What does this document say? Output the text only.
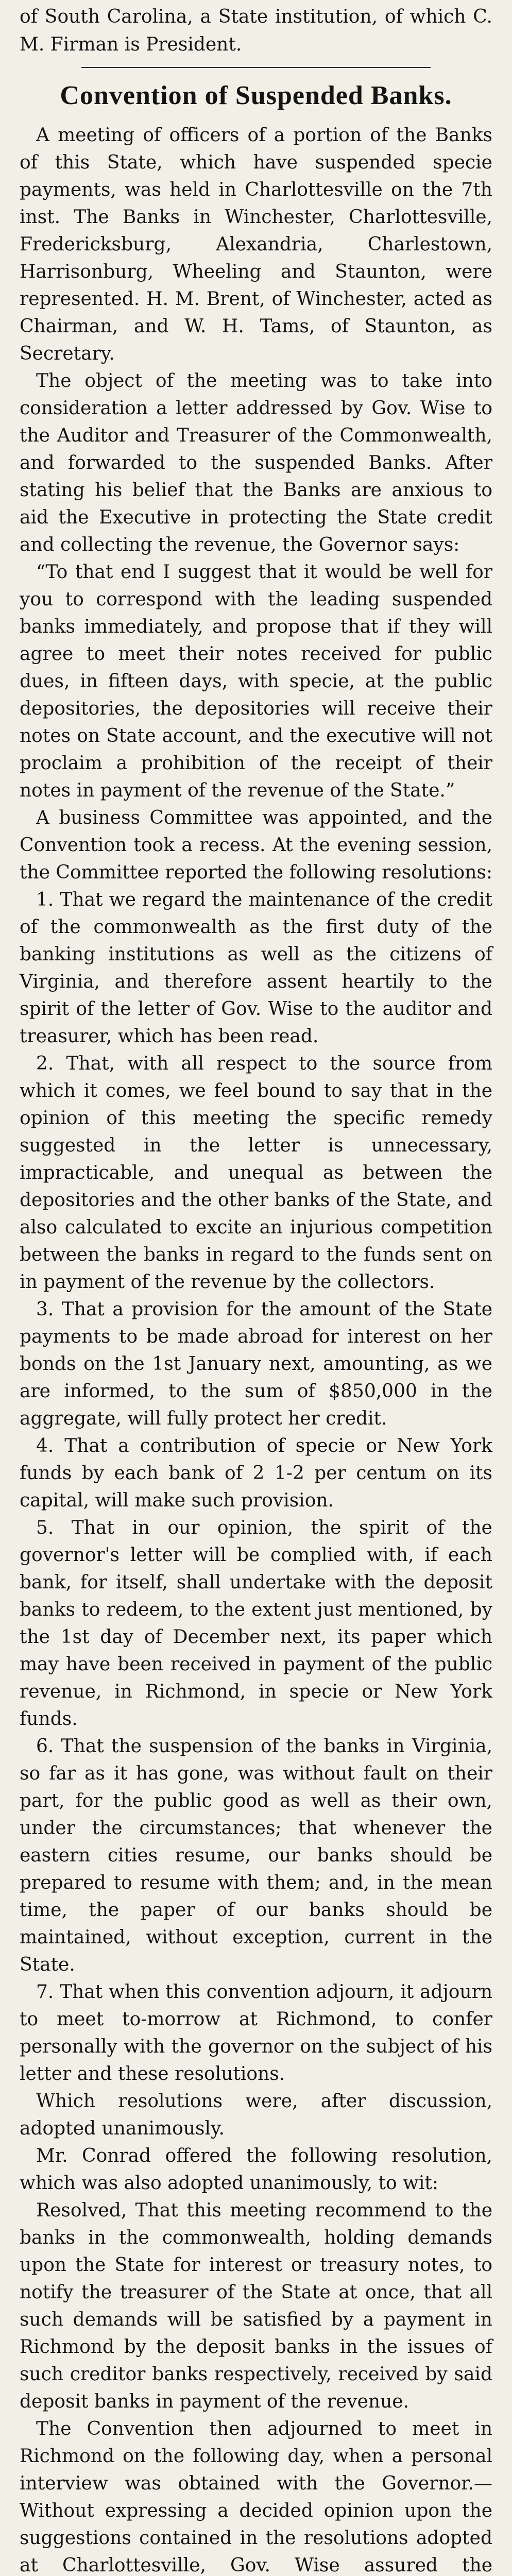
of South Carolina, a State institution, of which C. M. Firman is President.

Convention of Suspended Banks.

A meeting of officers of a portion of the Banks of this State, which have suspended specie payments, was held in Charlottesville on the 7th inst. The Banks in Winchester, Charlottesville, Fredericksburg, Alexandria, Charlestown, Harrisonburg, Wheeling and Staunton, were represented. H. M. Brent, of Winchester, acted as Chairman, and W. H. Tams, of Staunton, as Secretary.

The object of the meeting was to take into consideration a letter addressed by Gov. Wise to the Auditor and Treasurer of the Commonwealth, and forwarded to the suspended Banks. After stating his belief that the Banks are anxious to aid the Executive in protecting the State credit and collecting the revenue, the Governor says:

“To that end I suggest that it would be well for you to correspond with the leading suspended banks immediately, and propose that if they will agree to meet their notes received for public dues, in fifteen days, with specie, at the public depositories, the depositories will receive their notes on State account, and the executive will not proclaim a prohibition of the receipt of their notes in payment of the revenue of the State.”

A business Committee was appointed, and the Convention took a recess. At the evening session, the Committee reported the following resolutions:

1. That we regard the maintenance of the credit of the commonwealth as the first duty of the banking institutions as well as the citizens of Virginia, and therefore assent heartily to the spirit of the letter of Gov. Wise to the auditor and treasurer, which has been read.

2. That, with all respect to the source from which it comes, we feel bound to say that in the opinion of this meeting the specific remedy suggested in the letter is unnecessary, impracticable, and unequal as between the depositories and the other banks of the State, and also calculated to excite an injurious competition between the banks in regard to the funds sent on in payment of the revenue by the collectors.

3. That a provision for the amount of the State payments to be made abroad for interest on her bonds on the 1st January next, amounting, as we are informed, to the sum of $850,000 in the aggregate, will fully protect her credit.

4. That a contribution of specie or New York funds by each bank of 2 1-2 per centum on its capital, will make such provision.

5. That in our opinion, the spirit of the governor's letter will be complied with, if each bank, for itself, shall undertake with the deposit banks to redeem, to the extent just mentioned, by the 1st day of December next, its paper which may have been received in payment of the public revenue, in Richmond, in specie or New York funds.

6. That the suspension of the banks in Virginia, so far as it has gone, was without fault on their part, for the public good as well as their own, under the circumstances; that whenever the eastern cities resume, our banks should be prepared to resume with them; and, in the mean time, the paper of our banks should be maintained, without exception, current in the State.

7. That when this convention adjourn, it adjourn to meet to-morrow at Richmond, to confer personally with the governor on the subject of his letter and these resolutions.

Which resolutions were, after discussion, adopted unanimously.

Mr. Conrad offered the following resolution, which was also adopted unanimously, to wit:

Resolved, That this meeting recommend to the banks in the commonwealth, holding demands upon the State for interest or treasury notes, to notify the treasurer of the State at once, that all such demands will be satisfied by a payment in Richmond by the deposit banks in the issues of such creditor banks respectively, received by said deposit banks in payment of the revenue.

The Convention then adjourned to meet in Richmond on the following day, when a personal interview was obtained with the Governor.—Without expressing a decided opinion upon the suggestions contained in the resolutions adopted at Charlottesville, Gov. Wise assured the
